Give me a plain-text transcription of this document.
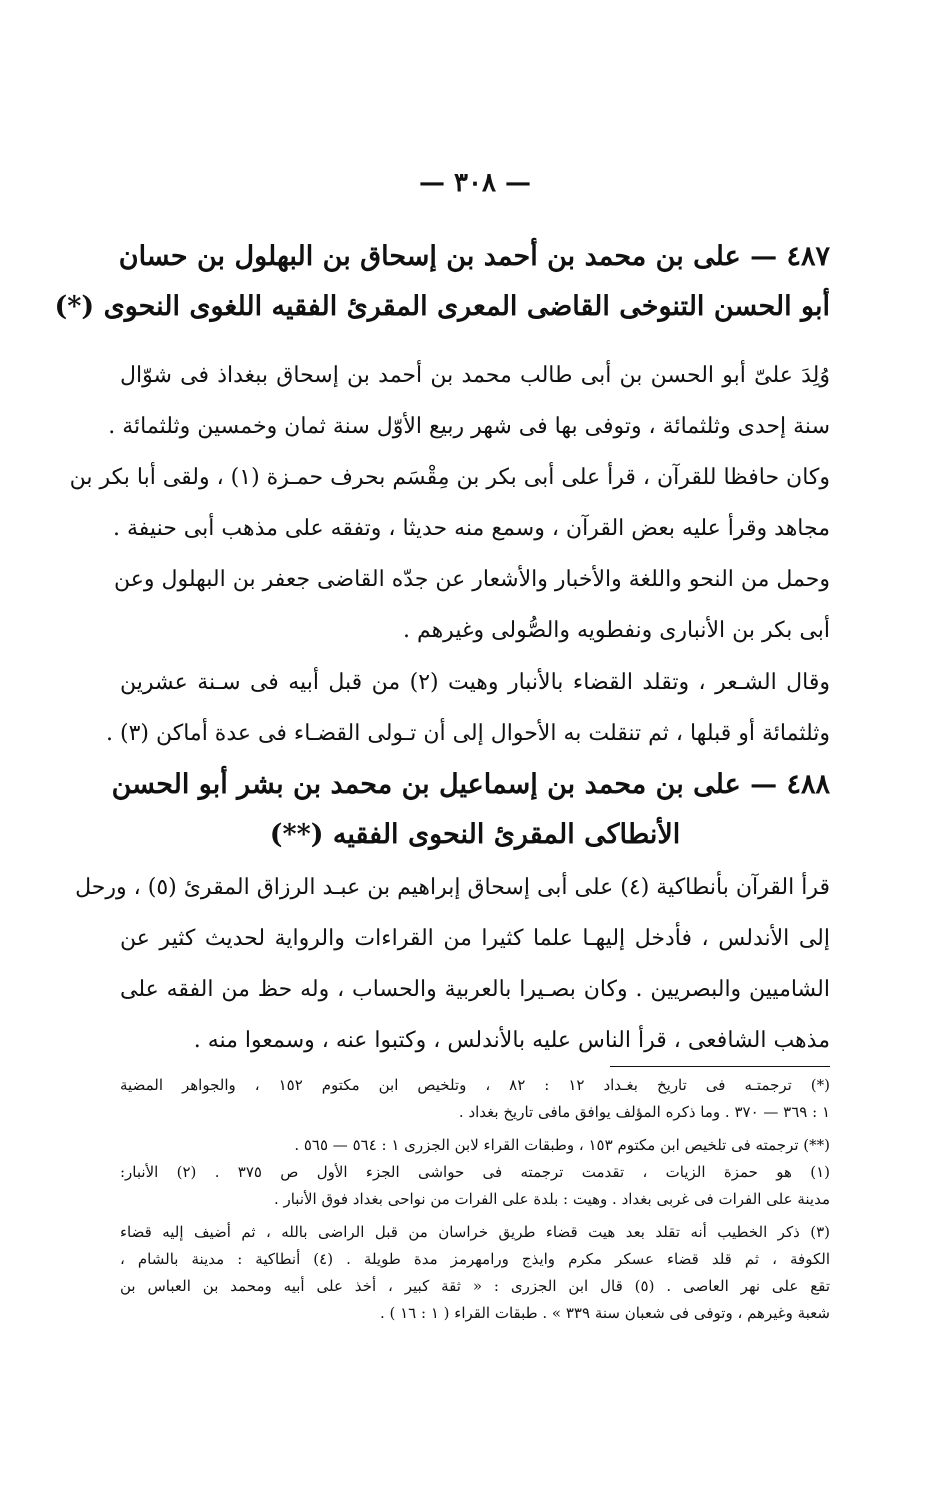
— ٣٠٨ —
٤٨٧ — على بن محمد بن أحمد بن إسحاق بن البهلول بن حسان
أبو الحسن التنوخى القاضى المعرى المقرئ الفقيه اللغوى النحوى (*)
وُلِدَ علىّ أبو الحسن بن أبى طالب محمد بن أحمد بن إسحاق ببغداذ فى شوّال
سنة إحدى وثلثمائة ، وتوفى بها فى شهر ربيع الأوّل سنة ثمان وخمسين وثلثمائة .
وكان حافظا للقرآن ، قرأ على أبى بكر بن مِقْسَم بحرف حمـزة (١) ، ولقى أبا بكر بن
مجاهد وقرأ عليه بعض القرآن ، وسمع منه حديثا ، وتفقه على مذهب أبى حنيفة .
وحمل من النحو واللغة والأخبار والأشعار عن جدّه القاضى جعفر بن البهلول وعن
أبى بكر بن الأنبارى ونفطويه والصُّولى وغيرهم .
وقال الشـعر ، وتقلد القضاء بالأنبار وهيت (٢) من قبل أبيه فى سـنة عشرين
وثلثمائة أو قبلها ، ثم تنقلت به الأحوال إلى أن تـولى القضـاء فى عدة أماكن (٣) .
٤٨٨ — على بن محمد بن إسماعيل بن محمد بن بشر أبو الحسن
الأنطاكى المقرئ النحوى الفقيه (**)
قرأ القرآن بأنطاكية (٤) على أبى إسحاق إبراهيم بن عبـد الرزاق المقرئ (٥) ، ورحل
إلى الأندلس ، فأدخل إليهـا علما كثيرا من القراءات والرواية لحديث كثير عن
الشاميين والبصريين . وكان بصـيرا بالعربية والحساب ، وله حظ من الفقه على
مذهب الشافعى ، قرأ الناس عليه بالأندلس ، وكتبوا عنه ، وسمعوا منه .
(*) ترجمتـه فى تاريخ بغـداد ١٢ : ٨٢ ، وتلخيص ابن مكتوم ١٥٢ ، والجواهر المضية
١ : ٣٦٩ — ٣٧٠ . وما ذكره المؤلف يوافق مافى تاريخ بغداد .
(**) ترجمته فى تلخيص ابن مكتوم ١٥٣ ، وطبقات القراء لابن الجزرى ١ : ٥٦٤ — ٥٦٥ .
(١) هو حمزة الزيات ، تقدمت ترجمته فى حواشى الجزء الأول ص ٣٧٥ . (٢) الأنبار:
مدينة على الفرات فى غربى بغداد . وهيت : بلدة على الفرات من نواحى بغداد فوق الأنبار .
(٣) ذكر الخطيب أنه تقلد بعد هيت قضاء طريق خراسان من قبل الراضى بالله ، ثم أضيف إليه قضاء
الكوفة ، ثم قلد قضاء عسكر مكرم وايذج ورامهرمز مدة طويلة . (٤) أنطاكية : مدينة بالشام ،
تقع على نهر العاصى . (٥) قال ابن الجزرى : « ثقة كبير ، أخذ على أبيه ومحمد بن العباس بن
شعبة وغيرهم ، وتوفى فى شعبان سنة ٣٣٩ » . طبقات القراء ( ١ : ١٦ ) .
